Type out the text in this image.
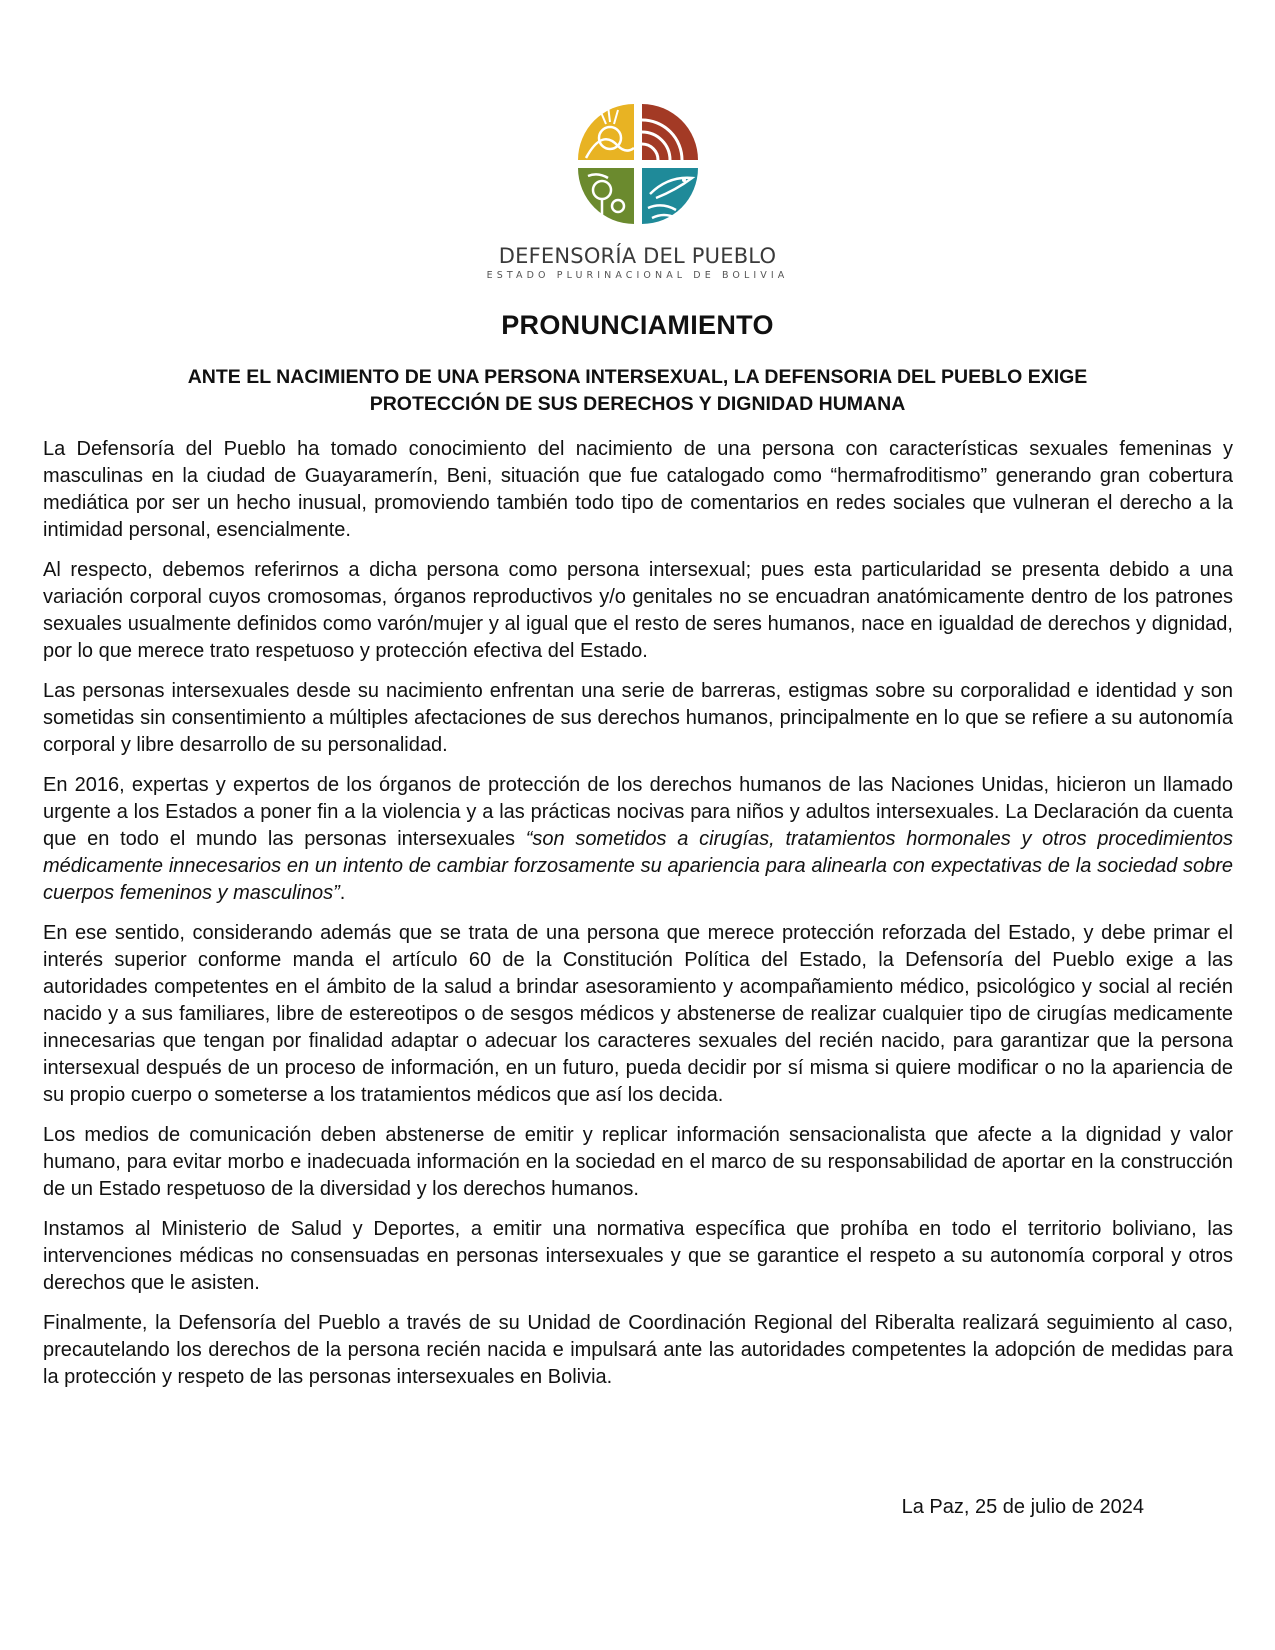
DEFENSORÍA DEL PUEBLO
ESTADO PLURINACIONAL DE BOLIVIA
PRONUNCIAMIENTO
ANTE EL NACIMIENTO DE UNA PERSONA INTERSEXUAL, LA DEFENSORIA DEL PUEBLO EXIGE
PROTECCIÓN DE SUS DERECHOS Y DIGNIDAD HUMANA

La Defensoría del Pueblo ha tomado conocimiento del nacimiento de una persona con características sexuales femeninas y masculinas en la ciudad de Guayaramerín, Beni, situación que fue catalogado como “hermafroditismo” generando gran cobertura mediática por ser un hecho inusual, promoviendo también todo tipo de comentarios en redes sociales que vulneran el derecho a la intimidad personal, esencialmente.

Al respecto, debemos referirnos a dicha persona como persona intersexual; pues esta particularidad se presenta debido a una variación corporal cuyos cromosomas, órganos reproductivos y/o genitales no se encuadran anatómicamente dentro de los patrones sexuales usualmente definidos como varón/mujer y al igual que el resto de seres humanos, nace en igualdad de derechos y dignidad, por lo que merece trato respetuoso y protección efectiva del Estado.

Las personas intersexuales desde su nacimiento enfrentan una serie de barreras, estigmas sobre su corporalidad e identidad y son sometidas sin consentimiento a múltiples afectaciones de sus derechos humanos, principalmente en lo que se refiere a su autonomía corporal y libre desarrollo de su personalidad.

En 2016, expertas y expertos de los órganos de protección de los derechos humanos de las Naciones Unidas, hicieron un llamado urgente a los Estados a poner fin a la violencia y a las prácticas nocivas para niños y adultos intersexuales. La Declaración da cuenta que en todo el mundo las personas intersexuales “son sometidos a cirugías, tratamientos hormonales y otros procedimientos médicamente innecesarios en un intento de cambiar forzosamente su apariencia para alinearla con expectativas de la sociedad sobre cuerpos femeninos y masculinos”.

En ese sentido, considerando además que se trata de una persona que merece protección reforzada del Estado, y debe primar el interés superior conforme manda el artículo 60 de la Constitución Política del Estado, la Defensoría del Pueblo exige a las autoridades competentes en el ámbito de la salud a brindar asesoramiento y acompañamiento médico, psicológico y social al recién nacido y a sus familiares, libre de estereotipos o de sesgos médicos y abstenerse de realizar cualquier tipo de cirugías medicamente innecesarias que tengan por finalidad adaptar o adecuar los caracteres sexuales del recién nacido, para garantizar que la persona intersexual después de un proceso de información, en un futuro, pueda decidir por sí misma si quiere modificar o no la apariencia de su propio cuerpo o someterse a los tratamientos médicos que así los decida.

Los medios de comunicación deben abstenerse de emitir y replicar información sensacionalista que afecte a la dignidad y valor humano, para evitar morbo e inadecuada información en la sociedad en el marco de su responsabilidad de aportar en la construcción de un Estado respetuoso de la diversidad y los derechos humanos.

Instamos al Ministerio de Salud y Deportes, a emitir una normativa específica que prohíba en todo el territorio boliviano, las intervenciones médicas no consensuadas en personas intersexuales y que se garantice el respeto a su autonomía corporal y otros derechos que le asisten.

Finalmente, la Defensoría del Pueblo a través de su Unidad de Coordinación Regional del Riberalta realizará seguimiento al caso, precautelando los derechos de la persona recién nacida e impulsará ante las autoridades competentes la adopción de medidas para la protección y respeto de las personas intersexuales en Bolivia.

La Paz, 25 de julio de 2024
